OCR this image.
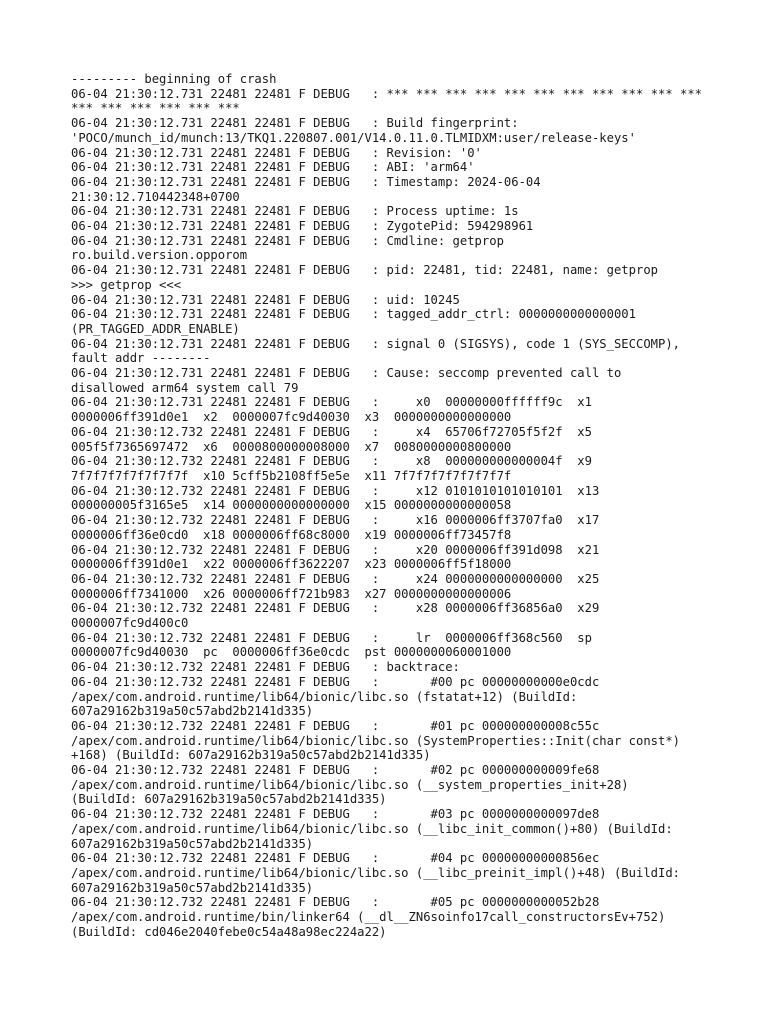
--------- beginning of crash
06-04 21:30:12.731 22481 22481 F DEBUG   : *** *** *** *** *** *** *** *** *** *** ***
*** *** *** *** *** ***
06-04 21:30:12.731 22481 22481 F DEBUG   : Build fingerprint:
'POCO/munch_id/munch:13/TKQ1.220807.001/V14.0.11.0.TLMIDXM:user/release-keys'
06-04 21:30:12.731 22481 22481 F DEBUG   : Revision: '0'
06-04 21:30:12.731 22481 22481 F DEBUG   : ABI: 'arm64'
06-04 21:30:12.731 22481 22481 F DEBUG   : Timestamp: 2024-06-04
21:30:12.710442348+0700
06-04 21:30:12.731 22481 22481 F DEBUG   : Process uptime: 1s
06-04 21:30:12.731 22481 22481 F DEBUG   : ZygotePid: 594298961
06-04 21:30:12.731 22481 22481 F DEBUG   : Cmdline: getprop
ro.build.version.opporom
06-04 21:30:12.731 22481 22481 F DEBUG   : pid: 22481, tid: 22481, name: getprop
>>> getprop <<<
06-04 21:30:12.731 22481 22481 F DEBUG   : uid: 10245
06-04 21:30:12.731 22481 22481 F DEBUG   : tagged_addr_ctrl: 0000000000000001
(PR_TAGGED_ADDR_ENABLE)
06-04 21:30:12.731 22481 22481 F DEBUG   : signal 0 (SIGSYS), code 1 (SYS_SECCOMP),
fault addr --------
06-04 21:30:12.731 22481 22481 F DEBUG   : Cause: seccomp prevented call to
disallowed arm64 system call 79
06-04 21:30:12.731 22481 22481 F DEBUG   :     x0  00000000ffffff9c  x1
0000006ff391d0e1  x2  0000007fc9d40030  x3  0000000000000000
06-04 21:30:12.732 22481 22481 F DEBUG   :     x4  65706f72705f5f2f  x5
005f5f7365697472  x6  0000800000008000  x7  0080000000800000
06-04 21:30:12.732 22481 22481 F DEBUG   :     x8  000000000000004f  x9
7f7f7f7f7f7f7f7f  x10 5cff5b2108ff5e5e  x11 7f7f7f7f7f7f7f7f
06-04 21:30:12.732 22481 22481 F DEBUG   :     x12 0101010101010101  x13
000000005f3165e5  x14 0000000000000000  x15 0000000000000058
06-04 21:30:12.732 22481 22481 F DEBUG   :     x16 0000006ff3707fa0  x17
0000006ff36e0cd0  x18 0000006ff68c8000  x19 0000006ff73457f8
06-04 21:30:12.732 22481 22481 F DEBUG   :     x20 0000006ff391d098  x21
0000006ff391d0e1  x22 0000006ff3622207  x23 0000006ff5f18000
06-04 21:30:12.732 22481 22481 F DEBUG   :     x24 0000000000000000  x25
0000006ff7341000  x26 0000006ff721b983  x27 0000000000000006
06-04 21:30:12.732 22481 22481 F DEBUG   :     x28 0000006ff36856a0  x29
0000007fc9d400c0
06-04 21:30:12.732 22481 22481 F DEBUG   :     lr  0000006ff368c560  sp
0000007fc9d40030  pc  0000006ff36e0cdc  pst 0000000060001000
06-04 21:30:12.732 22481 22481 F DEBUG   : backtrace:
06-04 21:30:12.732 22481 22481 F DEBUG   :       #00 pc 00000000000e0cdc
/apex/com.android.runtime/lib64/bionic/libc.so (fstatat+12) (BuildId:
607a29162b319a50c57abd2b2141d335)
06-04 21:30:12.732 22481 22481 F DEBUG   :       #01 pc 000000000008c55c
/apex/com.android.runtime/lib64/bionic/libc.so (SystemProperties::Init(char const*)
+168) (BuildId: 607a29162b319a50c57abd2b2141d335)
06-04 21:30:12.732 22481 22481 F DEBUG   :       #02 pc 000000000009fe68
/apex/com.android.runtime/lib64/bionic/libc.so (__system_properties_init+28)
(BuildId: 607a29162b319a50c57abd2b2141d335)
06-04 21:30:12.732 22481 22481 F DEBUG   :       #03 pc 0000000000097de8
/apex/com.android.runtime/lib64/bionic/libc.so (__libc_init_common()+80) (BuildId:
607a29162b319a50c57abd2b2141d335)
06-04 21:30:12.732 22481 22481 F DEBUG   :       #04 pc 00000000000856ec
/apex/com.android.runtime/lib64/bionic/libc.so (__libc_preinit_impl()+48) (BuildId:
607a29162b319a50c57abd2b2141d335)
06-04 21:30:12.732 22481 22481 F DEBUG   :       #05 pc 0000000000052b28
/apex/com.android.runtime/bin/linker64 (__dl__ZN6soinfo17call_constructorsEv+752)
(BuildId: cd046e2040febe0c54a48a98ec224a22)
